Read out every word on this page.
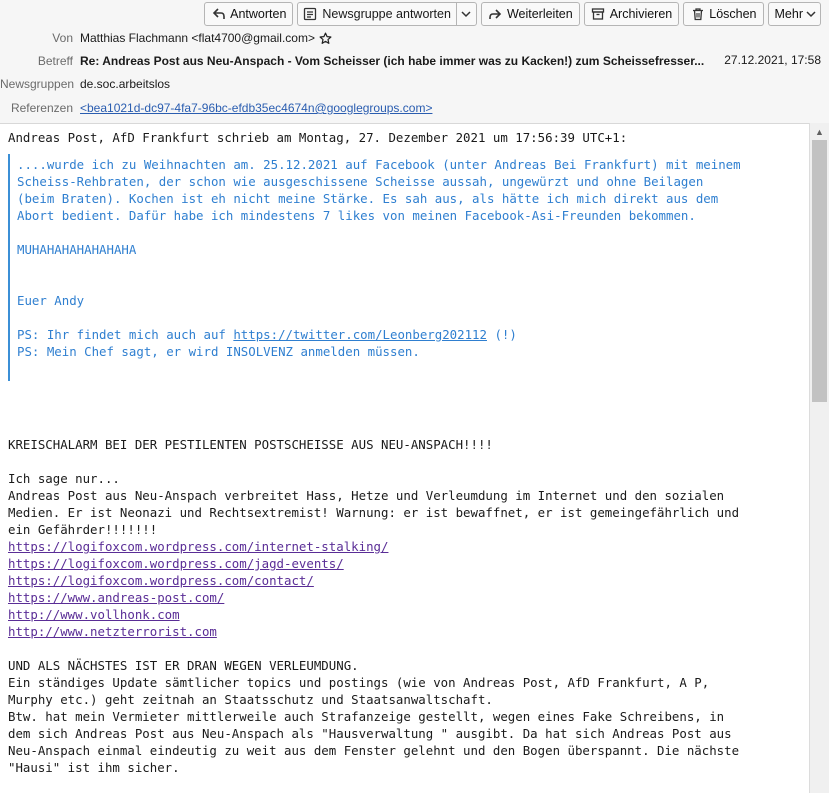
Antworten	Newsgruppe antworten	Weiterleiten	Archivieren	Löschen Mehr
Von Matthias Flachmann <flat4700@gmail.com>
Betreff Re: Andreas Post aus Neu-Anspach - Vom Scheisser (ich habe immer was zu Kacken!) zum Scheissefresser... 27.12.2021, 17:58
Newsgruppen de.soc.arbeitslos
Referenzen <bea1021d-dc97-4fa7-96bc-efdb35ec4674n@googlegroups.com>
Andreas Post, AfD Frankfurt schrieb am Montag, 27. Dezember 2021 um 17:56:39 UTC+1:
....wurde ich zu Weihnachten am. 25.12.2021 auf Facebook (unter Andreas Bei Frankfurt) mit meinem
Scheiss-Rehbraten, der schon wie ausgeschissene Scheisse aussah, ungewürzt und ohne Beilagen
(beim Braten). Kochen ist eh nicht meine Stärke. Es sah aus, als hätte ich mich direkt aus dem
Abort bedient. Dafür habe ich mindestens 7 likes von meinen Facebook-Asi-Freunden bekommen.
MUHAHAHAHAHAHAHA
Euer Andy
PS: Ihr findet mich auch auf https://twitter.com/Leonberg202112 (!)
PS: Mein Chef sagt, er wird INSOLVENZ anmelden müssen.
KREISCHALARM BEI DER PESTILENTEN POSTSCHEISSE AUS NEU-ANSPACH!!!!
Ich sage nur...
Andreas Post aus Neu-Anspach verbreitet Hass, Hetze und Verleumdung im Internet und den sozialen
Medien. Er ist Neonazi und Rechtsextremist! Warnung: er ist bewaffnet, er ist gemeingefährlich und
ein Gefährder!!!!!!!
https://logifoxcom.wordpress.com/internet-stalking/
https://logifoxcom.wordpress.com/jagd-events/
https://logifoxcom.wordpress.com/contact/
https://www.andreas-post.com/
http://www.vollhonk.com
http://www.netzterrorist.com
UND ALS NÄCHSTES IST ER DRAN WEGEN VERLEUMDUNG.
Ein ständiges Update sämtlicher topics und postings (wie von Andreas Post, AfD Frankfurt, A P,
Murphy etc.) geht zeitnah an Staatsschutz und Staatsanwaltschaft.
Btw. hat mein Vermieter mittlerweile auch Strafanzeige gestellt, wegen eines Fake Schreibens, in
dem sich Andreas Post aus Neu-Anspach als "Hausverwaltung " ausgibt. Da hat sich Andreas Post aus
Neu-Anspach einmal eindeutig zu weit aus dem Fenster gelehnt und den Bogen überspannt. Die nächste
"Hausi" ist ihm sicher.
▲
